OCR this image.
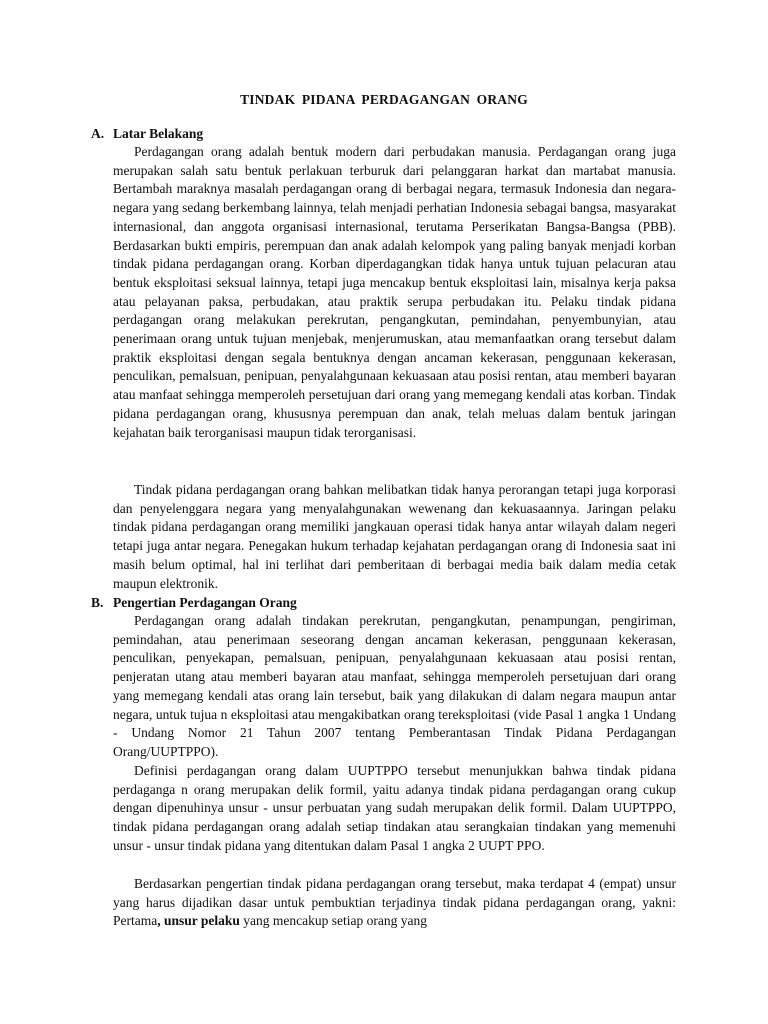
TINDAK PIDANA PERDAGANGAN ORANG
A. Latar Belakang

Perdagangan orang adalah bentuk modern dari perbudakan manusia. Perdagangan orang juga merupakan salah satu bentuk perlakuan terburuk dari pelanggaran harkat dan martabat manusia. Bertambah maraknya masalah perdagangan orang di berbagai negara, termasuk Indonesia dan negara-negara yang sedang berkembang lainnya, telah menjadi perhatian Indonesia sebagai bangsa, masyarakat internasional, dan anggota organisasi internasional, terutama Perserikatan Bangsa-Bangsa (PBB). Berdasarkan bukti empiris, perempuan dan anak adalah kelompok yang paling banyak menjadi korban tindak pidana perdagangan orang. Korban diperdagangkan tidak hanya untuk tujuan pelacuran atau bentuk eksploitasi seksual lainnya, tetapi juga mencakup bentuk eksploitasi lain, misalnya kerja paksa atau pelayanan paksa, perbudakan, atau praktik serupa perbudakan itu. Pelaku tindak pidana perdagangan orang melakukan perekrutan, pengangkutan, pemindahan, penyembunyian, atau penerimaan orang untuk tujuan menjebak, menjerumuskan, atau memanfaatkan orang tersebut dalam praktik eksploitasi dengan segala bentuknya dengan ancaman kekerasan, penggunaan kekerasan, penculikan, pemalsuan, penipuan, penyalahgunaan kekuasaan atau posisi rentan, atau memberi bayaran atau manfaat sehingga memperoleh persetujuan dari orang yang memegang kendali atas korban. Tindak pidana perdagangan orang, khususnya perempuan dan anak, telah meluas dalam bentuk jaringan kejahatan baik terorganisasi maupun tidak terorganisasi.

Tindak pidana perdagangan orang bahkan melibatkan tidak hanya perorangan tetapi juga korporasi dan penyelenggara negara yang menyalahgunakan wewenang dan kekuasaannya. Jaringan pelaku tindak pidana perdagangan orang memiliki jangkauan operasi tidak hanya antar wilayah dalam negeri tetapi juga antar negara. Penegakan hukum terhadap kejahatan perdagangan orang di Indonesia saat ini masih belum optimal, hal ini terlihat dari pemberitaan di berbagai media baik dalam media cetak maupun elektronik.

B. Pengertian Perdagangan Orang

Perdagangan orang adalah tindakan perekrutan, pengangkutan, penampungan, pengiriman, pemindahan, atau penerimaan seseorang dengan ancaman kekerasan, penggunaan kekerasan, penculikan, penyekapan, pemalsuan, penipuan, penyalahgunaan kekuasaan atau posisi rentan, penjeratan utang atau memberi bayaran atau manfaat, sehingga memperoleh persetujuan dari orang yang memegang kendali atas orang lain tersebut, baik yang dilakukan di dalam negara maupun antar negara, untuk tujua n eksploitasi atau mengakibatkan orang tereksploitasi (vide Pasal 1 angka 1 Undang - Undang Nomor 21 Tahun 2007 tentang Pemberantasan Tindak Pidana Perdagangan Orang/UUPTPPO).

Definisi perdagangan orang dalam UUPTPPO tersebut menunjukkan bahwa tindak pidana perdaganga n orang merupakan delik formil, yaitu adanya tindak pidana perdagangan orang cukup dengan dipenuhinya unsur - unsur perbuatan yang sudah merupakan delik formil. Dalam UUPTPPO, tindak pidana perdagangan orang adalah setiap tindakan atau serangkaian tindakan yang memenuhi unsur - unsur tindak pidana yang ditentukan dalam Pasal 1 angka 2 UUPT PPO.

Berdasarkan pengertian tindak pidana perdagangan orang tersebut, maka terdapat 4 (empat) unsur yang harus dijadikan dasar untuk pembuktian terjadinya tindak pidana perdagangan orang, yakni: Pertama, unsur pelaku yang mencakup setiap orang yang
